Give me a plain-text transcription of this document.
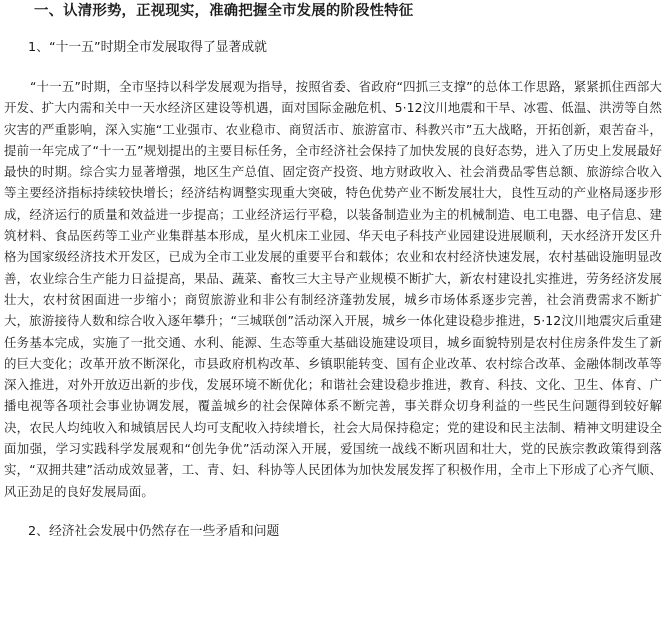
一、认清形势，正视现实，准确把握全市发展的阶段性特征

1、“十一五”时期全市发展取得了显著成就

“十一五”时期，全市坚持以科学发展观为指导，按照省委、省政府“四抓三支撑”的总体工作思路，紧紧抓住西部大开发、扩大内需和关中一天水经济区建设等机遇，面对国际金融危机、5·12汶川地震和干旱、冰雹、低温、洪涝等自然灾害的严重影响，深入实施“工业强市、农业稳市、商贸活市、旅游富市、科教兴市”五大战略，开拓创新，艰苦奋斗，提前一年完成了“十一五”规划提出的主要目标任务，全市经济社会保持了加快发展的良好态势，进入了历史上发展最好最快的时期。综合实力显著增强，地区生产总值、固定资产投资、地方财政收入、社会消费品零售总额、旅游综合收入等主要经济指标持续较快增长；经济结构调整实现重大突破，特色优势产业不断发展壮大，良性互动的产业格局逐步形成，经济运行的质量和效益进一步提高；工业经济运行平稳，以装备制造业为主的机械制造、电工电器、电子信息、建筑材料、食品医药等工业产业集群基本形成，星火机床工业园、华天电子科技产业园建设进展顺利，天水经济开发区升格为国家级经济技术开发区，已成为全市工业发展的重要平台和载体；农业和农村经济快速发展，农村基础设施明显改善，农业综合生产能力日益提高，果品、蔬菜、畜牧三大主导产业规模不断扩大，新农村建设扎实推进，劳务经济发展壮大，农村贫困面进一步缩小；商贸旅游业和非公有制经济蓬勃发展，城乡市场体系逐步完善，社会消费需求不断扩大，旅游接待人数和综合收入逐年攀升；“三城联创”活动深入开展，城乡一体化建设稳步推进，5·12汶川地震灾后重建任务基本完成，实施了一批交通、水利、能源、生态等重大基础设施建设项目，城乡面貌特别是农村住房条件发生了新的巨大变化；改革开放不断深化，市县政府机构改革、乡镇职能转变、国有企业改革、农村综合改革、金融体制改革等深入推进，对外开放迈出新的步伐，发展环境不断优化；和谐社会建设稳步推进，教育、科技、文化、卫生、体育、广播电视等各项社会事业协调发展，覆盖城乡的社会保障体系不断完善，事关群众切身利益的一些民生问题得到较好解决，农民人均纯收入和城镇居民人均可支配收入持续增长，社会大局保持稳定；党的建设和民主法制、精神文明建设全面加强，学习实践科学发展观和“创先争优”活动深入开展，爱国统一战线不断巩固和壮大，党的民族宗教政策得到落实，“双拥共建”活动成效显著，工、青、妇、科协等人民团体为加快发展发挥了积极作用，全市上下形成了心齐气顺、风正劲足的良好发展局面。

2、经济社会发展中仍然存在一些矛盾和问题
